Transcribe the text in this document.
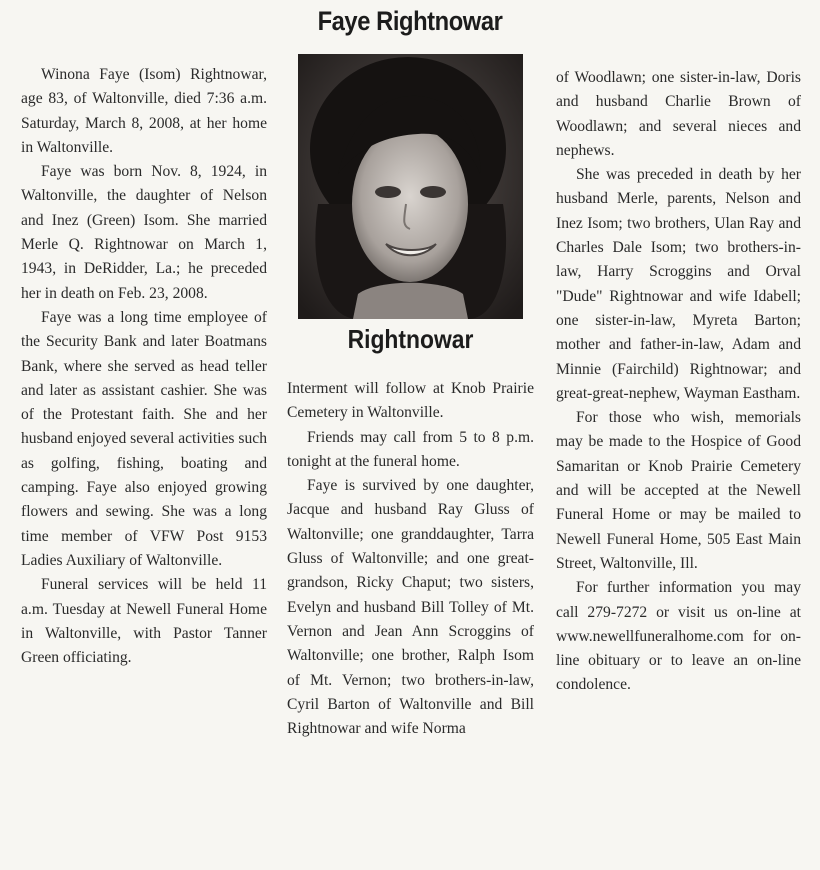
Faye Rightnowar

Winona Faye (Isom) Rightnowar, age 83, of Waltonville, died 7:36 a.m. Saturday, March 8, 2008, at her home in Waltonville.

Faye was born Nov. 8, 1924, in Waltonville, the daughter of Nelson and Inez (Green) Isom. She married Merle Q. Rightnowar on March 1, 1943, in DeRidder, La.; he preceded her in death on Feb. 23, 2008.

Faye was a long time employee of the Security Bank and later Boatmans Bank, where she served as head teller and later as assistant cashier. She was of the Protestant faith. She and her husband enjoyed several activities such as golfing, fishing, boating and camping. Faye also enjoyed growing flowers and sewing. She was a long time member of VFW Post 9153 Ladies Auxiliary of Waltonville.

Funeral services will be held 11 a.m. Tuesday at Newell Funeral Home in Waltonville, with Pastor Tanner Green officiating.

Rightnowar

Interment will follow at Knob Prairie Cemetery in Waltonville.

Friends may call from 5 to 8 p.m. tonight at the funeral home.

Faye is survived by one daughter, Jacque and husband Ray Gluss of Waltonville; one granddaughter, Tarra Gluss of Waltonville; and one great-grandson, Ricky Chaput; two sisters, Evelyn and husband Bill Tolley of Mt. Vernon and Jean Ann Scroggins of Waltonville; one brother, Ralph Isom of Mt. Vernon; two brothers-in-law, Cyril Barton of Waltonville and Bill Rightnowar and wife Norma

of Woodlawn; one sister-in-law, Doris and husband Charlie Brown of Woodlawn; and several nieces and nephews.

She was preceded in death by her husband Merle, parents, Nelson and Inez Isom; two brothers, Ulan Ray and Charles Dale Isom; two brothers-in-law, Harry Scroggins and Orval "Dude" Rightnowar and wife Idabell; one sister-in-law, Myreta Barton; mother and father-in-law, Adam and Minnie (Fairchild) Rightnowar; and great-great-nephew, Wayman Eastham.

For those who wish, memorials may be made to the Hospice of Good Samaritan or Knob Prairie Cemetery and will be accepted at the Newell Funeral Home or may be mailed to Newell Funeral Home, 505 East Main Street, Waltonville, Ill.

For further information you may call 279-7272 or visit us on-line at www.newellfuneralhome.com for on-line obituary or to leave an on-line condolence.
